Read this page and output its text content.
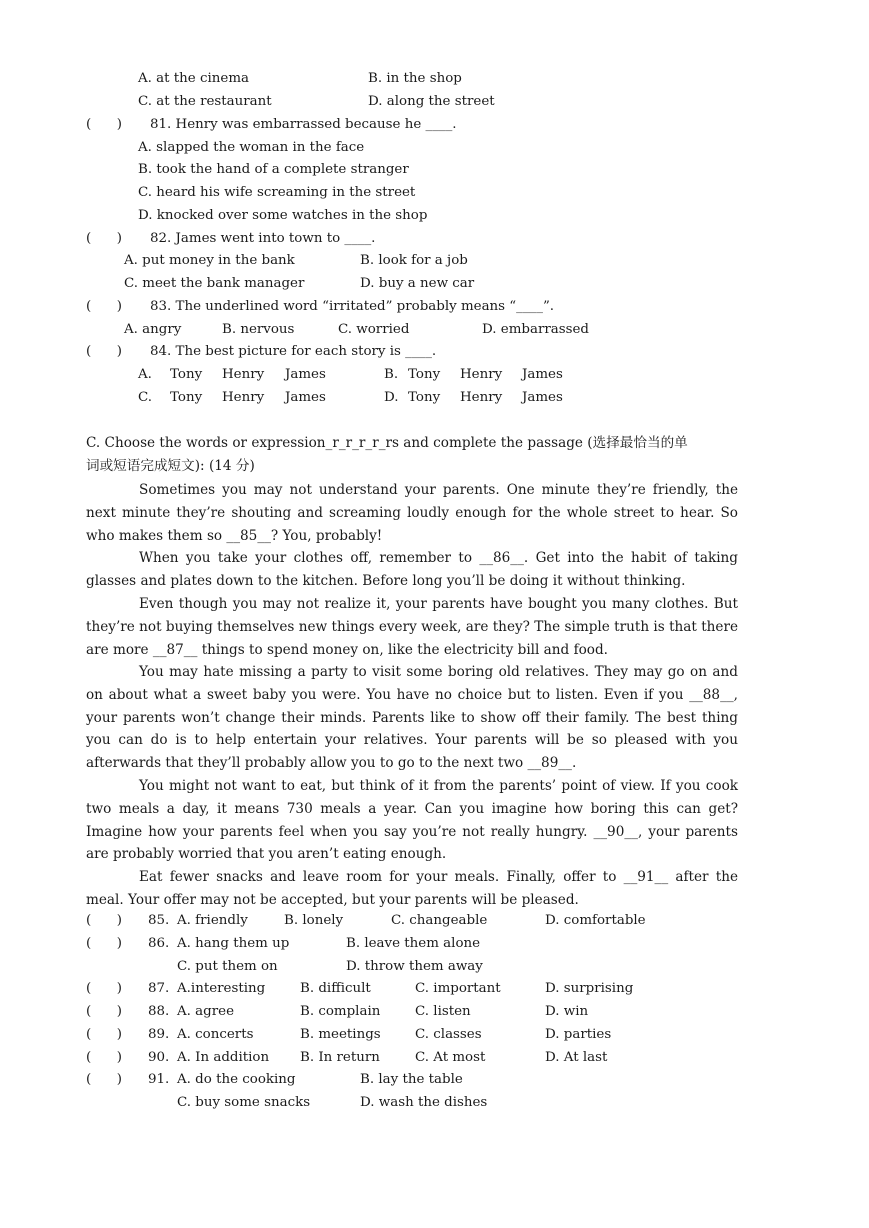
A. at the cinema	B. in the shop
C. at the restaurant	D. along the street
(      ) 81. Henry was embarrassed because he ____.
A. slapped the woman in the face
B. took the hand of a complete stranger
C. heard his wife screaming in the street
D. knocked over some watches in the shop
(      ) 82. James went into town to ____.
A. put money in the bank	B. look for a job
C. meet the bank manager	D. buy a new car
(      ) 83. The underlined word “irritated” probably means “____”.
A. angry	B. nervous	C. worried	D. embarrassed
(      ) 84. The best picture for each story is ____.
A. Tony Henry James	B. Tony Henry James
C. Tony Henry James	D. Tony Henry James
C. Choose the words or expression_r_r_r_r_rs and complete the passage (选择最恰当的单
词或短语完成短文): (14 分)
Sometimes you may not understand your parents. One minute they’re friendly, the next minute they’re shouting and screaming loudly enough for the whole street to hear. So who makes them so __85__? You, probably!
When you take your clothes off, remember to __86__. Get into the habit of taking glasses and plates down to the kitchen. Before long you’ll be doing it without thinking.
Even though you may not realize it, your parents have bought you many clothes. But they’re not buying themselves new things every week, are they? The simple truth is that there are more __87__ things to spend money on, like the electricity bill and food.
You may hate missing a party to visit some boring old relatives. They may go on and on about what a sweet baby you were. You have no choice but to listen. Even if you __88__, your parents won’t change their minds. Parents like to show off their family. The best thing you can do is to help entertain your relatives. Your parents will be so pleased with you afterwards that they’ll probably allow you to go to the next two __89__.
You might not want to eat, but think of it from the parents’ point of view. If you cook two meals a day, it means 730 meals a year. Can you imagine how boring this can get? Imagine how your parents feel when you say you’re not really hungry. __90__, your parents are probably worried that you aren’t eating enough.
Eat fewer snacks and leave room for your meals. Finally, offer to __91__ after the meal. Your offer may not be accepted, but your parents will be pleased.
(      ) 85. A. friendly	B. lonely	C. changeable	D. comfortable
(      ) 86. A. hang them up	B. leave them alone
C. put them on	D. throw them away
(      ) 87. A.interesting	B. difficult	C. important	D. surprising
(      ) 88. A. agree	B. complain	C. listen	D. win
(      ) 89. A. concerts	B. meetings	C. classes	D. parties
(      ) 90. A. In addition B. In return	C. At most	D. At last
(      ) 91. A. do the cooking	B. lay the table
C. buy some snacks	D. wash the dishes
